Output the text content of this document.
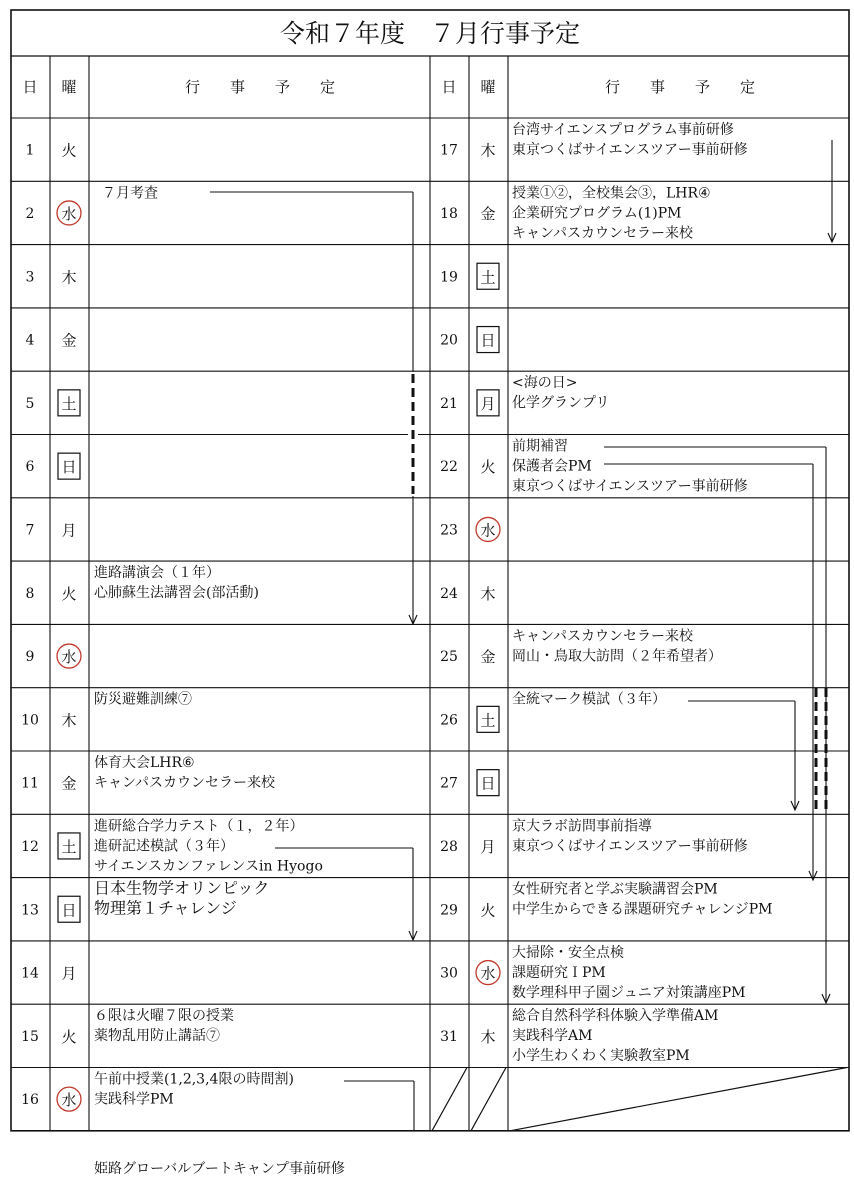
1 火
2 水
７月考査
3 木
4 金
5 土
6 日
7 月
8 火
進路講演会（１年）
心肺蘇生法講習会(部活動)
9 水
10 木
防災避難訓練⑦
11 金
体育大会LHR⑥
キャンパスカウンセラー来校
12 土
進研総合学力テスト（１，２年）
進研記述模試（３年）
サイエンスカンファレンスin Hyogo
13 日
日本生物学オリンピック
物理第１チャレンジ
14 月
15 火
６限は火曜７限の授業
薬物乱用防止講話⑦
16 水
午前中授業(1,2,3,4限の時間割)
実践科学PM
17 木
台湾サイエンスプログラム事前研修
東京つくばサイエンスツアー事前研修
18 金
授業①②，全校集会③，LHR④
企業研究プログラム(1)PM
キャンパスカウンセラー来校
19 土
20 日
21 月
<海の日>
化学グランプリ
22 火
前期補習
保護者会PM
東京つくばサイエンスツアー事前研修
23 水
24 木
25 金
キャンパスカウンセラー来校
岡山・鳥取大訪問（２年希望者）
26 土
全統マーク模試（３年）
27 日
28 月
京大ラボ訪問事前指導
東京つくばサイエンスツアー事前研修
29 火
女性研究者と学ぶ実験講習会PM
中学生からできる課題研究チャレンジPM
30 水
大掃除・安全点検
課題研究ＩPM
数学理科甲子園ジュニア対策講座PM
31 木
総合自然科学科体験入学準備AM
実践科学AM
小学生わくわく実験教室PM
令和７年度　７月行事予定
日 曜	行　　事　　予　　定	日 曜	行　　事　　予　　定
姫路グローバルブートキャンプ事前研修
